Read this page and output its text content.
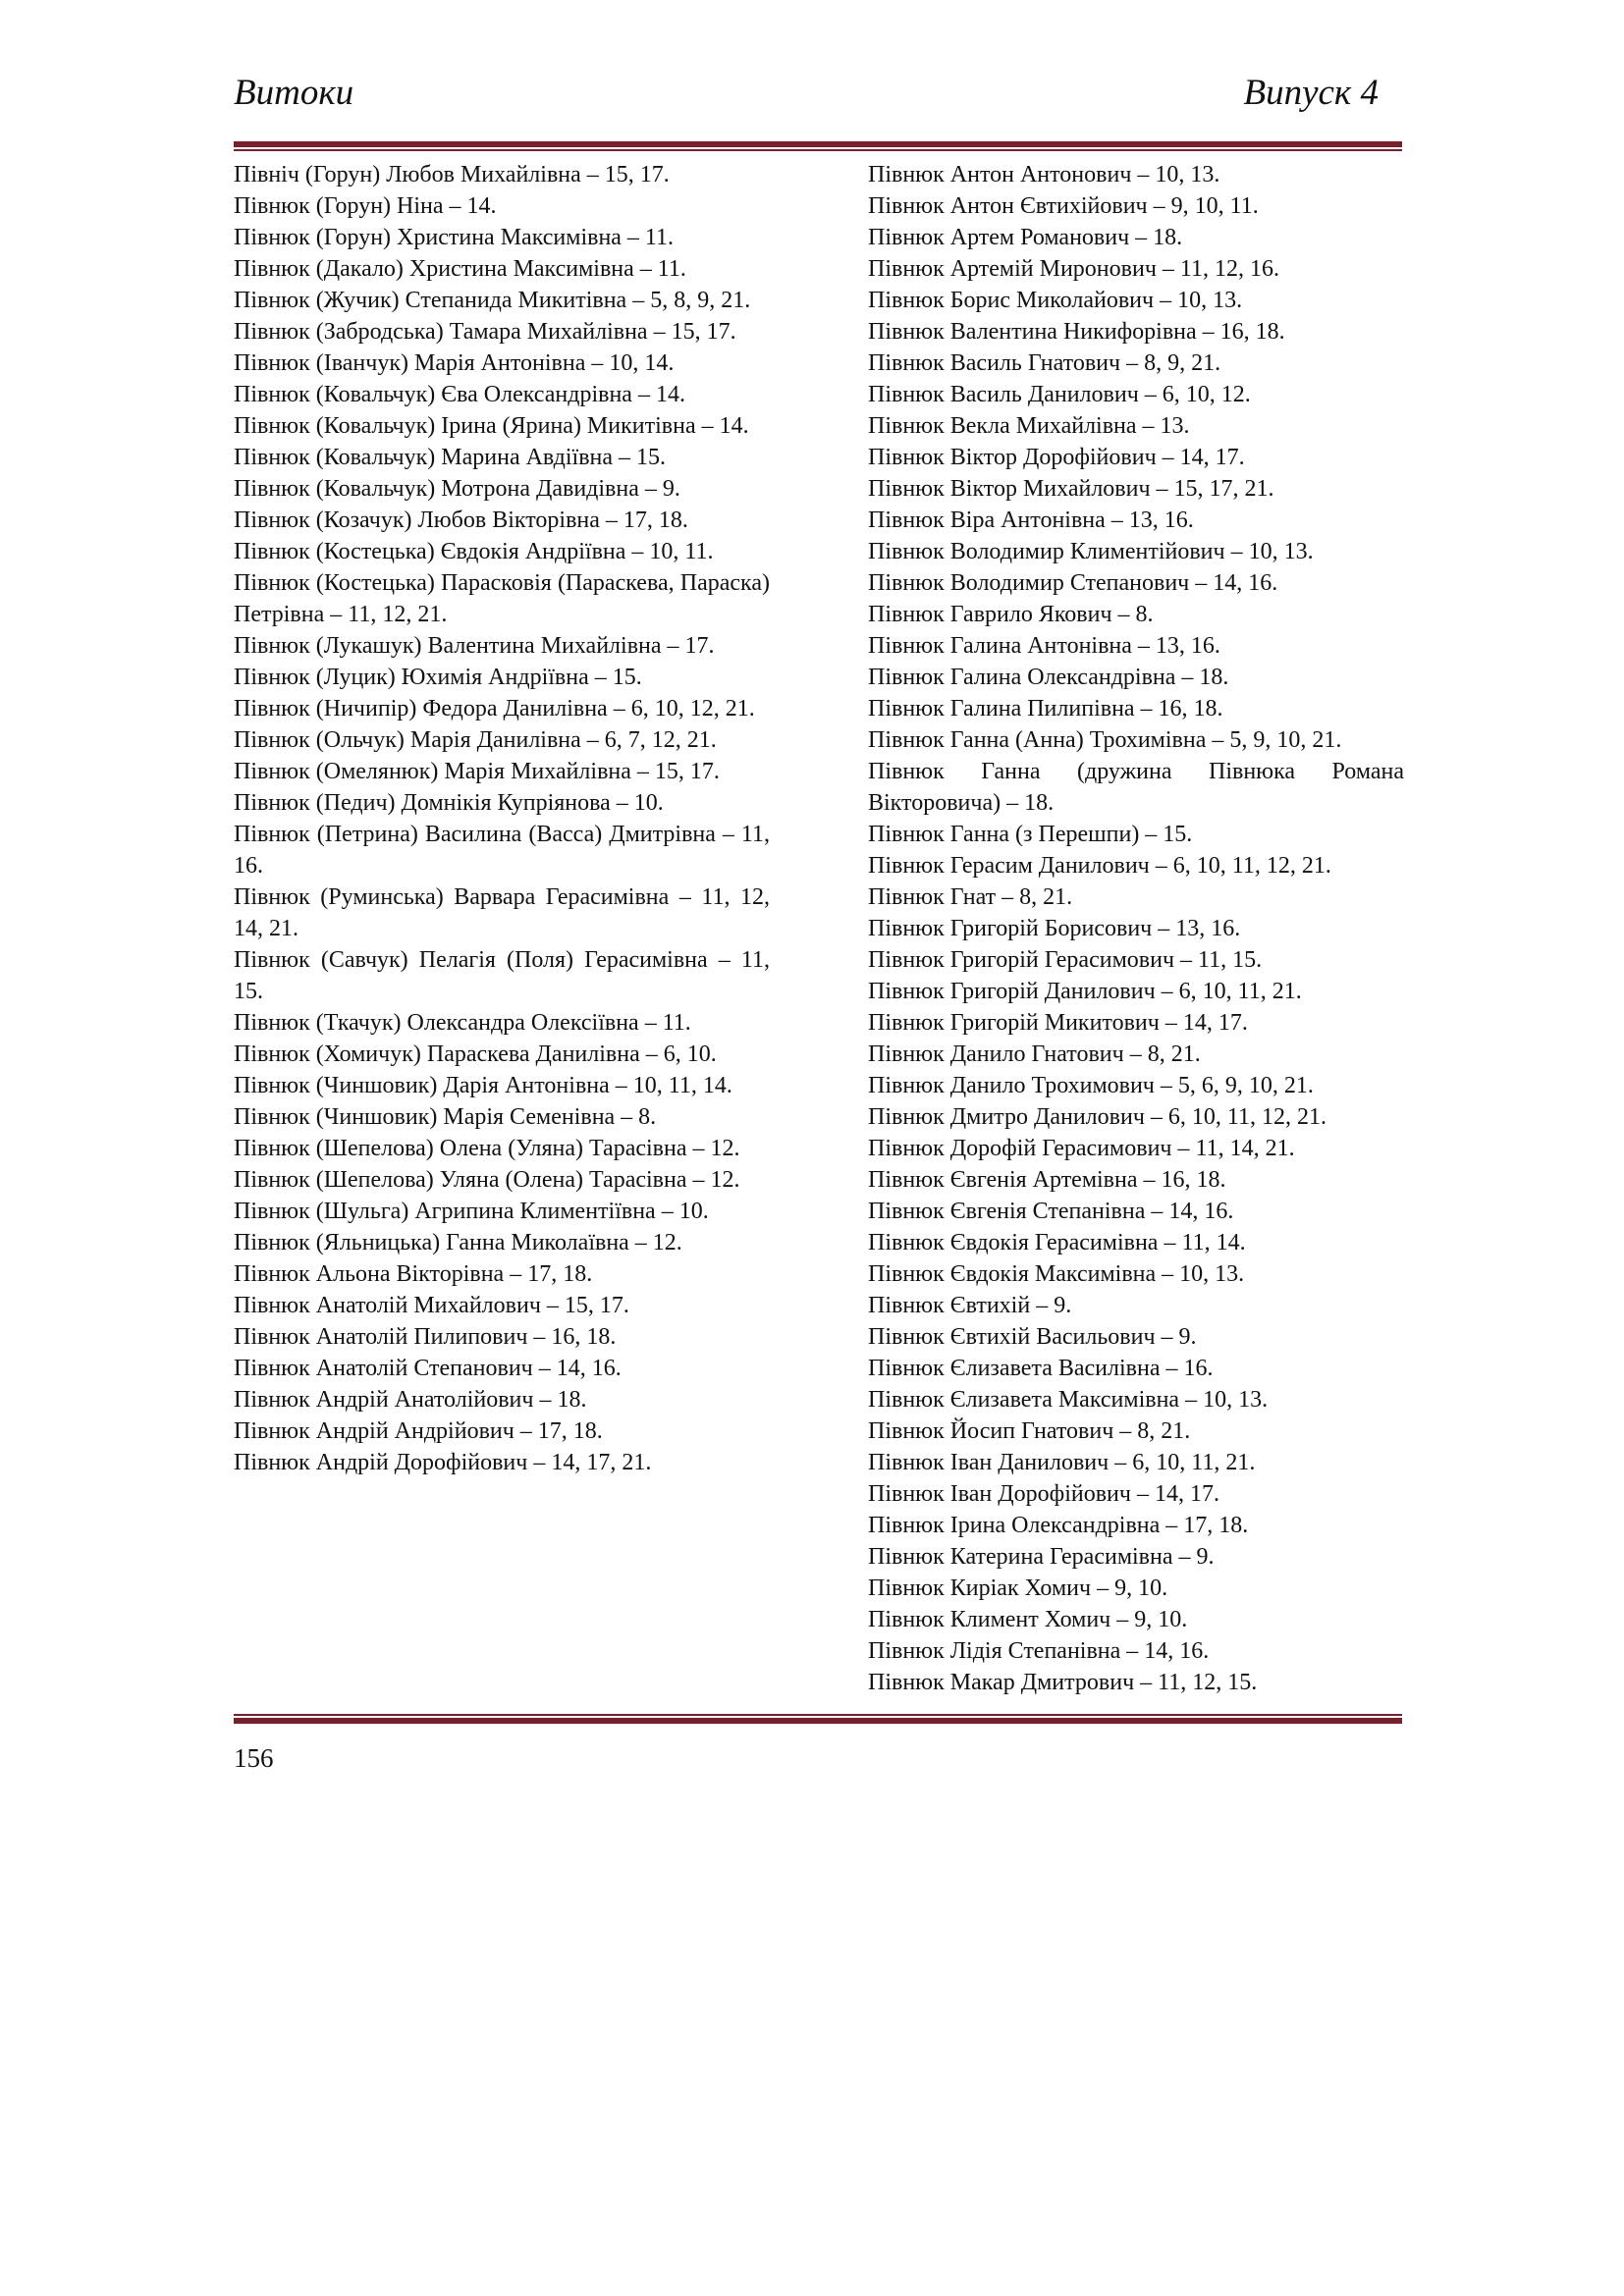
Витоки	Випуск 4

Північ (Горун) Любов Михайлівна – 15, 17.

Півнюк (Горун) Ніна – 14.

Півнюк (Горун) Христина Максимівна – 11.

Півнюк (Дакало) Христина Максимівна – 11.

Півнюк (Жучик) Степанида Микитівна – 5, 8, 9, 21.

Півнюк (Забродська) Тамара Михайлівна – 15, 17.

Півнюк (Іванчук) Марія Антонівна – 10, 14.

Півнюк (Ковальчук) Єва Олександрівна – 14.

Півнюк (Ковальчук) Ірина (Ярина) Микитівна – 14.

Півнюк (Ковальчук) Марина Авдіївна – 15.

Півнюк (Ковальчук) Мотрона Давидівна – 9.

Півнюк (Козачук) Любов Вікторівна – 17, 18.

Півнюк (Костецька) Євдокія Андріївна – 10, 11.

Півнюк (Костецька) Парасковія (Параскева, Параска) Петрівна – 11, 12, 21.

Півнюк (Лукашук) Валентина Михайлівна – 17.

Півнюк (Луцик) Юхимія Андріївна – 15.

Півнюк (Ничипір) Федора Данилівна – 6, 10, 12, 21.

Півнюк (Ольчук) Марія Данилівна – 6, 7, 12, 21.

Півнюк (Омелянюк) Марія Михайлівна – 15, 17.

Півнюк (Педич) Домнікія Купріянова – 10.

Півнюк (Петрина) Василина (Васса) Дмитрівна – 11, 16.

Півнюк (Руминська) Варвара Герасимівна – 11, 12, 14, 21.

Півнюк (Савчук) Пелагія (Поля) Герасимівна – 11, 15.

Півнюк (Ткачук) Олександра Олексіївна – 11.

Півнюк (Хомичук) Параскева Данилівна – 6, 10.

Півнюк (Чиншовик) Дарія Антонівна – 10, 11, 14.

Півнюк (Чиншовик) Марія Семенівна – 8.

Півнюк (Шепелова) Олена (Уляна) Тарасівна – 12.

Півнюк (Шепелова) Уляна (Олена) Тарасівна – 12.

Півнюк (Шульга) Агрипина Климентіївна – 10.

Півнюк (Яльницька) Ганна Миколаївна – 12.

Півнюк Альона Вікторівна – 17, 18.

Півнюк Анатолій Михайлович – 15, 17.

Півнюк Анатолій Пилипович – 16, 18.

Півнюк Анатолій Степанович – 14, 16.

Півнюк Андрій Анатолійович – 18.

Півнюк Андрій Андрійович – 17, 18.

Півнюк Андрій Дорофійович – 14, 17, 21.

Півнюк Антон Антонович – 10, 13.

Півнюк Антон Євтихійович – 9, 10, 11.

Півнюк Артем Романович – 18.

Півнюк Артемій Миронович – 11, 12, 16.

Півнюк Борис Миколайович – 10, 13.

Півнюк Валентина Никифорівна – 16, 18.

Півнюк Василь Гнатович – 8, 9, 21.

Півнюк Василь Данилович – 6, 10, 12.

Півнюк Векла Михайлівна – 13.

Півнюк Віктор Дорофійович – 14, 17.

Півнюк Віктор Михайлович – 15, 17, 21.

Півнюк Віра Антонівна – 13, 16.

Півнюк Володимир Климентійович – 10, 13.

Півнюк Володимир Степанович – 14, 16.

Півнюк Гаврило Якович – 8.

Півнюк Галина Антонівна – 13, 16.

Півнюк Галина Олександрівна – 18.

Півнюк Галина Пилипівна – 16, 18.

Півнюк Ганна (Анна) Трохимівна – 5, 9, 10, 21.

Півнюк Ганна (дружина Півнюка Романа Вікторовича) – 18.

Півнюк Ганна (з Перешпи) – 15.

Півнюк Герасим Данилович – 6, 10, 11, 12, 21.

Півнюк Гнат – 8, 21.

Півнюк Григорій Борисович – 13, 16.

Півнюк Григорій Герасимович – 11, 15.

Півнюк Григорій Данилович – 6, 10, 11, 21.

Півнюк Григорій Микитович – 14, 17.

Півнюк Данило Гнатович – 8, 21.

Півнюк Данило Трохимович – 5, 6, 9, 10, 21.

Півнюк Дмитро Данилович – 6, 10, 11, 12, 21.

Півнюк Дорофій Герасимович – 11, 14, 21.

Півнюк Євгенія Артемівна – 16, 18.

Півнюк Євгенія Степанівна – 14, 16.

Півнюк Євдокія Герасимівна – 11, 14.

Півнюк Євдокія Максимівна – 10, 13.

Півнюк Євтихій – 9.

Півнюк Євтихій Васильович – 9.

Півнюк Єлизавета Василівна – 16.

Півнюк Єлизавета Максимівна – 10, 13.

Півнюк Йосип Гнатович – 8, 21.

Півнюк Іван Данилович – 6, 10, 11, 21.

Півнюк Іван Дорофійович – 14, 17.

Півнюк Ірина Олександрівна – 17, 18.

Півнюк Катерина Герасимівна – 9.

Півнюк Киріак Хомич – 9, 10.

Півнюк Климент Хомич – 9, 10.

Півнюк Лідія Степанівна – 14, 16.

Півнюк Макар Дмитрович – 11, 12, 15.

156
